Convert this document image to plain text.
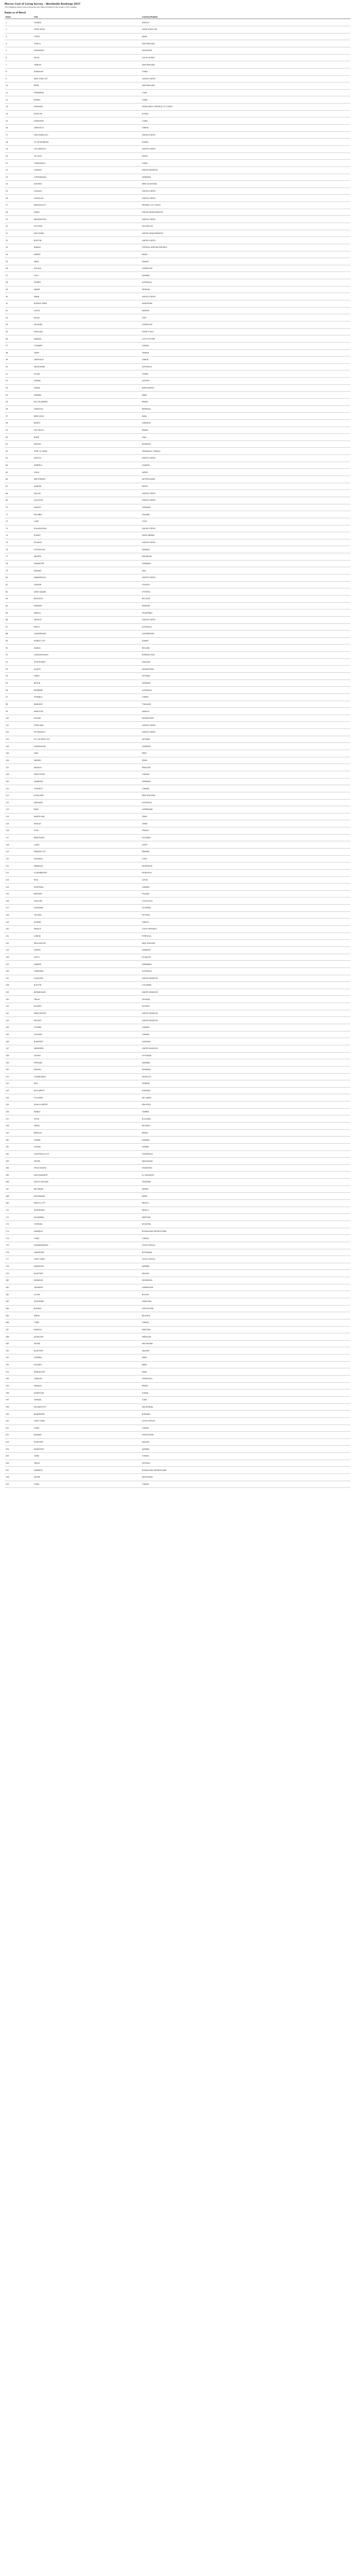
Mercer Cost of Living Survey – Worldwide Rankings 2017

The following ranks cost of living for the cities included in the study's 2017 edition.

Ranks as of March

Rank	City	Country/Region
1	LUANDA	ANGOLA
2	HONG KONG	HONG KONG SAR
3	TOKYO	JAPAN
4	ZURICH	SWITZERLAND
5	SINGAPORE	SINGAPORE
6	SEOUL	SOUTH KOREA
7	GENEVA	SWITZERLAND
8	SHANGHAI	CHINA
9	NEW YORK CITY	UNITED STATES
10	BERN	SWITZERLAND
11	N'DJAMENA	CHAD
12	BEIJING	CHINA
13	KINSHASA	DEMOCRATIC REPUBLIC OF CONGO
14	MOSCOW	RUSSIA
15	SHENZHEN	CHINA
16	LIBREVILLE	GABON
17	SAN FRANCISCO	UNITED STATES
18	ST. PETERSBURG	RUSSIA
19	LOS ANGELES	UNITED STATES
20	TEL AVIV	ISRAEL
21	GUANGZHOU	CHINA
22	LONDON	UNITED KINGDOM
23	COPENHAGEN	DENMARK
24	NOUMEA	NEW CALEDONIA
25	CHICAGO	UNITED STATES
26	HONOLULU	UNITED STATES
27	BRAZZAVILLE	REPUBLIC OF CONGO
28	DUBAI	UNITED ARAB EMIRATES
29	WASHINGTON	UNITED STATES
30	VICTORIA	SEYCHELLES
31	ABU DHABI	UNITED ARAB EMIRATES
32	BOSTON	UNITED STATES
33	BANGUI	CENTRAL AFRICAN REPUBLIC
34	NIAMEY	NIGER
35	PARIS	FRANCE
36	DOUALA	CAMEROON
37	OSLO	NORWAY
38	SYDNEY	AUSTRALIA
39	DAKAR	SENEGAL
40	MIAMI	UNITED STATES
41	BUENOS AIRES	ARGENTINA
42	LAGOS	NIGERIA
43	MILAN	ITALY
44	YAOUNDE	CAMEROON
45	SAN JUAN	PUERTO RICO
46	ABIDJAN	COTE D'IVOIRE
47	CONAKRY	GUINEA
48	TAIPEI	TAIWAN
49	LIBREVILLE	GABON
50	MELBOURNE	AUSTRALIA
51	ACCRA	GHANA
52	VIENNA	AUSTRIA
53	DHAKA	BANGLADESH
54	MUMBAI	INDIA
55	RIO DE JANEIRO	BRAZIL
56	HAMILTON	BERMUDA
57	NEW DELHI	INDIA
58	BEIRUT	LEBANON
59	SAO PAULO	BRAZIL
60	ROME	ITALY
61	NASSAU	BAHAMAS
62	PORT OF SPAIN	TRINIDAD & TOBAGO
63	SEATTLE	UNITED STATES
64	KAMPALA	UGANDA
65	DOHA	QATAR
66	AMSTERDAM	NETHERLANDS
67	NAIROBI	KENYA
68	DALLAS	UNITED STATES
69	HOUSTON	UNITED STATES
70	MUNICH	GERMANY
71	HELSINKI	FINLAND
72	LOME	TOGO
73	PHILADELPHIA	UNITED STATES
74	RIYADH	SAUDI ARABIA
75	ATLANTA	UNITED STATES
76	STOCKHOLM	SWEDEN
77	JAKARTA	INDONESIA
78	FRANKFURT	GERMANY
79	BAMAKO	MALI
80	MINNEAPOLIS	UNITED STATES
81	ZAGREB	CROATIA
82	ADDIS ABABA	ETHIOPIA
83	BRUSSELS	BELGIUM
84	MANAMA	BAHRAIN
85	MANILA	PHILIPPINES
86	DETROIT	UNITED STATES
87	PERTH	AUSTRALIA
88	LUXEMBOURG	LUXEMBOURG
89	KUWAIT CITY	KUWAIT
90	DUBLIN	IRELAND
91	OUAGADOUGOU	BURKINA FASO
92	MONTEVIDEO	URUGUAY
93	ALMATY	KAZAKHSTAN
94	HANOI	VIETNAM
95	BERLIN	GERMANY
96	BRISBANE	AUSTRALIA
97	ISTANBUL	TURKEY
98	BANGKOK	THAILAND
99	KINGSTON	JAMAICA
100	ASTANA	KAZAKHSTAN
101	PORTLAND	UNITED STATES
102	PITTSBURGH	UNITED STATES
103	HO CHI MINH CITY	VIETNAM
104	DUSSELDORF	GERMANY
105	LIMA	PERU
106	MADRID	SPAIN
107	KARACHI	PAKISTAN
108	VANCOUVER	CANADA
109	HAMBURG	GERMANY
110	TORONTO	CANADA
111	AUCKLAND	NEW ZEALAND
112	ADELAIDE	AUSTRALIA
113	BAKU	AZERBAIJAN
114	BARCELONA	SPAIN
115	MUSCAT	OMAN
116	LYON	FRANCE
117	BRATISLAVA	SLOVAKIA
118	CAIRO	EGYPT
119	PANAMA CITY	PANAMA
120	SANTIAGO	CHILE
121	MANAGUA	NICARAGUA
122	ULAANBAATAR	MONGOLIA
123	RIGA	LATVIA
124	MONTREAL	CANADA
125	WARSAW	POLAND
126	SAN JOSE	COSTA RICA
127	LJUBLJANA	SLOVENIA
128	TALLINN	ESTONIA
129	ATHENS	GREECE
130	PRAGUE	CZECH REPUBLIC
131	LISBON	PORTUGAL
132	WELLINGTON	NEW ZEALAND
133	LEIPZIG	GERMANY
134	QUITO	ECUADOR
135	HARARE	ZIMBABWE
136	CANBERRA	AUSTRALIA
137	GLASGOW	UNITED KINGDOM
138	BOGOTA	COLOMBIA
139	BIRMINGHAM	UNITED KINGDOM
140	TBILISI	GEORGIA
141	ALGIERS	ALGERIA
142	MANCHESTER	UNITED KINGDOM
143	BELFAST	UNITED KINGDOM
144	OTTAWA	CANADA
145	CALGARY	CANADA
146	BUDAPEST	HUNGARY
147	ABERDEEN	UNITED KINGDOM
148	VILNIUS	LITHUANIA
149	YEREVAN	ARMENIA
150	NASSAU	BAHAMAS
151	CASABLANCA	MOROCCO
152	KIEV	UKRAINE
153	BUCHAREST	ROMANIA
154	COLOMBO	SRI LANKA
155	KUALA LUMPUR	MALAYSIA
156	BANJUL	GAMBIA
157	SOFIA	BULGARIA
158	MINSK	BELARUS
159	BRASILIA	BRAZIL
160	TIRANA	ALBANIA
161	LUSAKA	ZAMBIA
162	GUATEMALA CITY	GUATEMALA
163	SKOPJE	MACEDONIA
164	TEGUCIGALPA	HONDURAS
165	SAN SALVADOR	EL SALVADOR
166	DAR ES SALAAM	TANZANIA
167	BELGRADE	SERBIA
168	KATHMANDU	NEPAL
169	MEXICO CITY	MEXICO
170	MONTERREY	MEXICO
171	ISLAMABAD	PAKISTAN
172	CHISINAU	MOLDOVA
173	SARAJEVO	BOSNIA AND HERZEGOVINA
174	TUNIS	TUNISIA
175	JOHANNESBURG	SOUTH AFRICA
176	GABORONE	BOTSWANA
177	CAPE TOWN	SOUTH AFRICA
178	WINDHOEK	NAMIBIA
179	BLANTYRE	MALAWI
180	MANAGUA	NICARAGUA
181	TASHKENT	UZBEKISTAN
182	LA PAZ	BOLIVIA
183	DUSHANBE	TAJIKISTAN
184	BISHKEK	KYRGYZSTAN
185	MINSK	BELARUS
186	TUNIS	TUNISIA
187	KARACHI	PAKISTAN
188	ASUNCION	PARAGUAY
189	SKOPJE	MACEDONIA
190	BLANTYRE	MALAWI
191	CHENNAI	INDIA
192	KOLKATA	INDIA
193	BANGALORE	INDIA
194	CARACAS	VENEZUELA
195	MANAUS	BRAZIL
196	KHARTOUM	SUDAN
197	HAVANA	CUBA
198	NOUAKCHOTT	MAURITANIA
199	BUJUMBURA	BURUNDI
200	CAPE TOWN	SOUTH AFRICA
201	TUNIS	TUNISIA
202	BISHKEK	KYRGYZSTAN
203	BLANTYRE	MALAWI
204	WINDHOEK	NAMIBIA
205	TUNIS	TUNISIA
206	TBILISI	GEORGIA
207	SARAJEVO	BOSNIA AND HERZEGOVINA
208	SKOPJE	MACEDONIA
209	TUNIS	TUNISIA
